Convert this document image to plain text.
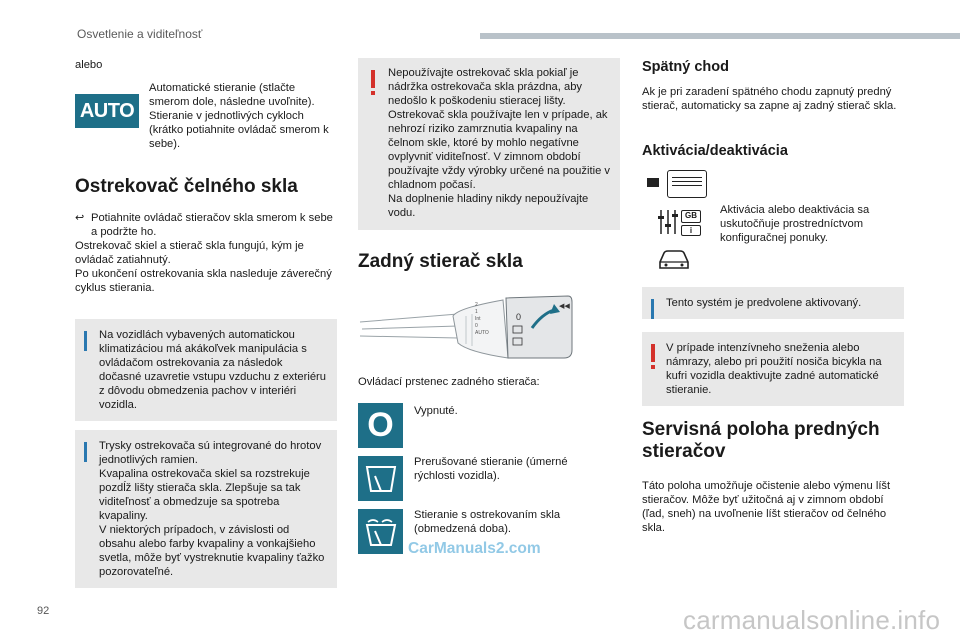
Osvetlenie a viditeľnosť

alebo

AUTO

Automatické stieranie (stlačte smerom dole, následne uvoľnite). Stieranie v jednotlivých cykloch (krátko potiahnite ovládač smerom k sebe).

Ostrekovač čelného skla
↩ Potiahnite ovládač stieračov skla smerom k sebe a podržte ho.

Ostrekovač skiel a stierač skla fungujú, kým je ovládač zatiahnutý.

Po ukončení ostrekovania skla nasleduje záverečný cyklus stierania.

Na vozidlách vybavených automatickou klimatizáciou má akákoľvek manipulácia s ovládačom ostrekovania za následok dočasné uzavretie vstupu vzduchu z exteriéru z dôvodu obmedzenia pachov v interiéri vozidla.

Trysky ostrekovača sú integrované do hrotov jednotlivých ramien.

Kvapalina ostrekovača skiel sa rozstrekuje pozdĺž lišty stierača skla. Zlepšuje sa tak viditeľnosť a obmedzuje sa spotreba kvapaliny.

V niektorých prípadoch, v závislosti od obsahu alebo farby kvapaliny a vonkajšieho svetla, môže byť vystreknutie kvapaliny ťažko pozorovateľné.

Nepoužívajte ostrekovač skla pokiaľ je nádržka ostrekovača skla prázdna, aby nedošlo k poškodeniu stieracej lišty.

Ostrekovač skla používajte len v prípade, ak nehrozí riziko zamrznutia kvapaliny na čelnom skle, ktoré by mohlo negatívne ovplyvniť viditeľnosť. V zimnom období používajte vždy výrobky určené na použitie v chladnom počasí.

Na doplnenie hladiny nikdy nepoužívajte vodu.

Zadný stierač skla
◀◀
0
2
1
Int
0
AUTO

Ovládací prstenec zadného stierača:

O Vypnuté.

Prerušované stieranie (úmerné rýchlosti vozidla).

Stieranie s ostrekovaním skla (obmedzená doba).

Spätný chod

Ak je pri zaradení spätného chodu zapnutý predný stierač, automaticky sa zapne aj zadný stierač skla.

Aktivácia/deaktivácia
GB
i

Aktivácia alebo deaktivácia sa uskutočňuje prostredníctvom konfiguračnej ponuky.

Tento systém je predvolene aktivovaný.

V prípade intenzívneho sneženia alebo námrazy, alebo pri použití nosiča bicykla na kufri vozidla deaktivujte zadné automatické stieranie.

Servisná poloha predných stieračov

Táto poloha umožňuje očistenie alebo výmenu líšt stieračov. Môže byť užitočná aj v zimnom období (ľad, sneh) na uvoľnenie líšt stieračov od čelného skla.

CarManuals2.com
92	carmanualsonline.info
